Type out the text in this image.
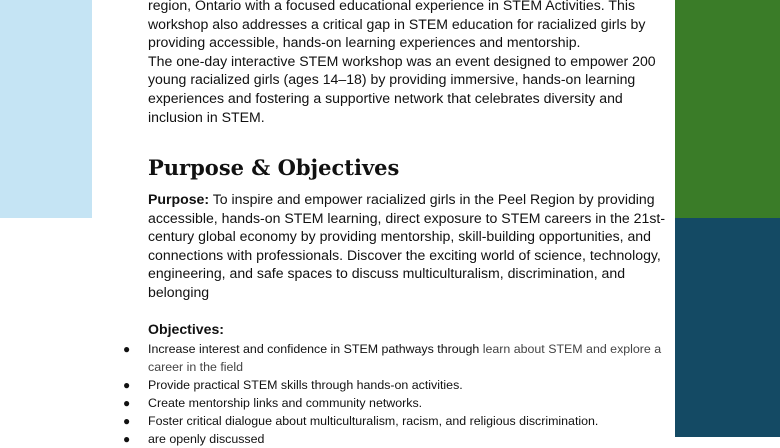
region, Ontario with a focused educational experience in STEM Activities. This workshop also addresses a critical gap in STEM education for racialized girls by providing accessible, hands-on learning experiences and mentorship.

The one-day interactive STEM workshop was an event designed to empower 200 young racialized girls (ages 14–18) by providing immersive, hands-on learning experiences and fostering a supportive network that celebrates diversity and inclusion in STEM.

Purpose & Objectives

Purpose: To inspire and empower racialized girls in the Peel Region by providing accessible, hands-on STEM learning, direct exposure to STEM careers in the 21st-century global economy by providing mentorship, skill-building opportunities, and connections with professionals. Discover the exciting world of science, technology, engineering, and safe spaces to discuss multiculturalism, discrimination, and belonging

Objectives:
● Increase interest and confidence in STEM pathways through learn about STEM and explore a career in the field
● Provide practical STEM skills through hands-on activities.
● Create mentorship links and community networks.
● Foster critical dialogue about multiculturalism, racism, and religious discrimination.
● are openly discussed
